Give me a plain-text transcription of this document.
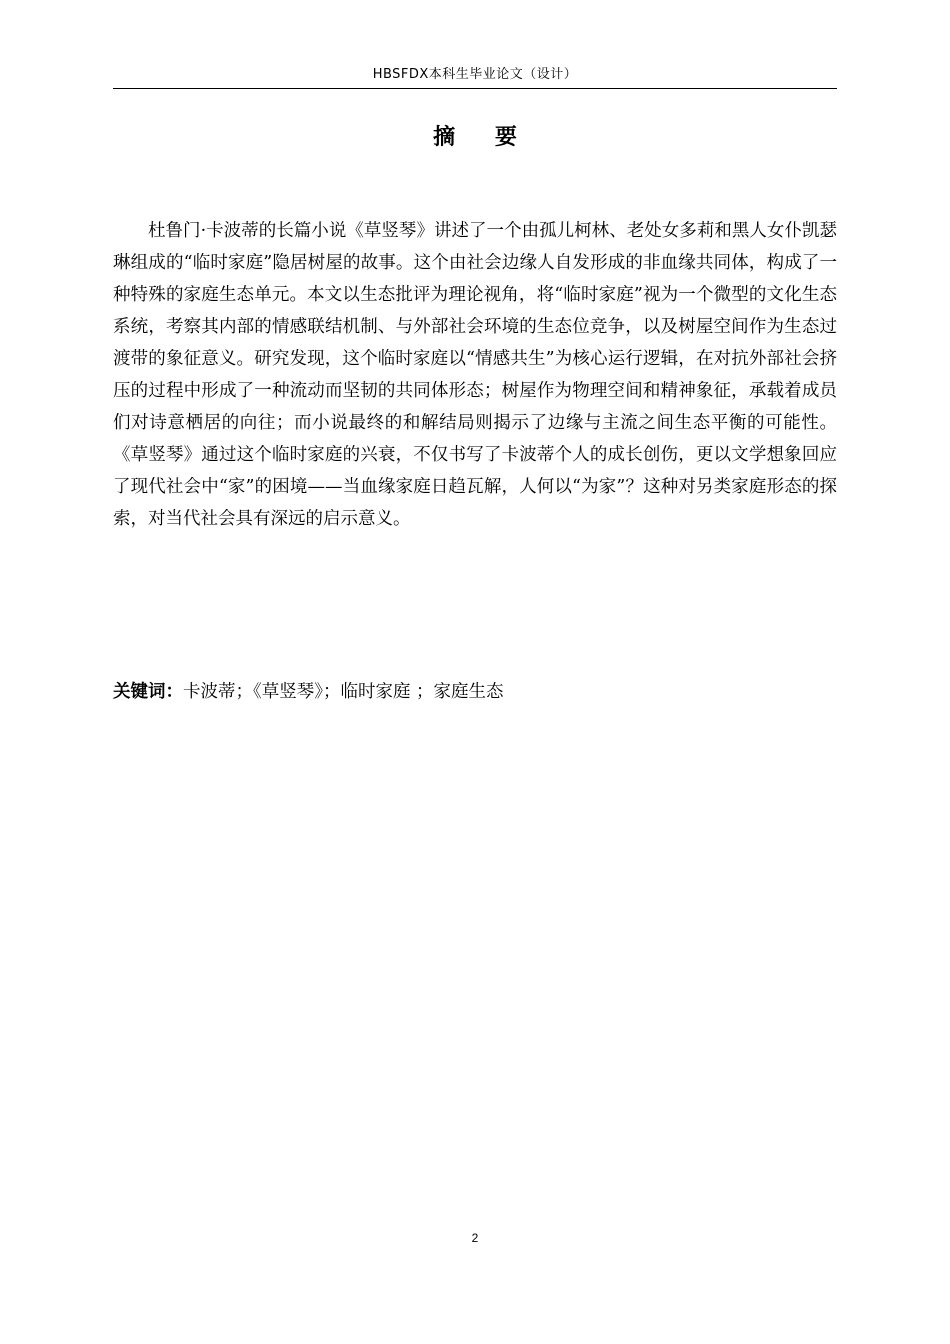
HBSFDX本科生毕业论文（设计）
摘 要

杜鲁门·卡波蒂的长篇小说《草竖琴》讲述了一个由孤儿柯林、老处女多莉和黑人女仆凯瑟琳组成的“临时家庭”隐居树屋的故事。这个由社会边缘人自发形成的非血缘共同体，构成了一种特殊的家庭生态单元。本文以生态批评为理论视角，将“临时家庭”视为一个微型的文化生态系统，考察其内部的情感联结机制、与外部社会环境的生态位竞争，以及树屋空间作为生态过渡带的象征意义。研究发现，这个临时家庭以“情感共生”为核心运行逻辑，在对抗外部社会挤压的过程中形成了一种流动而坚韧的共同体形态；树屋作为物理空间和精神象征，承载着成员们对诗意栖居的向往；而小说最终的和解结局则揭示了边缘与主流之间生态平衡的可能性。《草竖琴》通过这个临时家庭的兴衰，不仅书写了卡波蒂个人的成长创伤，更以文学想象回应了现代社会中“家”的困境——当血缘家庭日趋瓦解，人何以“为家”？这种对另类家庭形态的探索，对当代社会具有深远的启示意义。

关键词：卡波蒂；《草竖琴》；临时家庭 ；家庭生态
2
